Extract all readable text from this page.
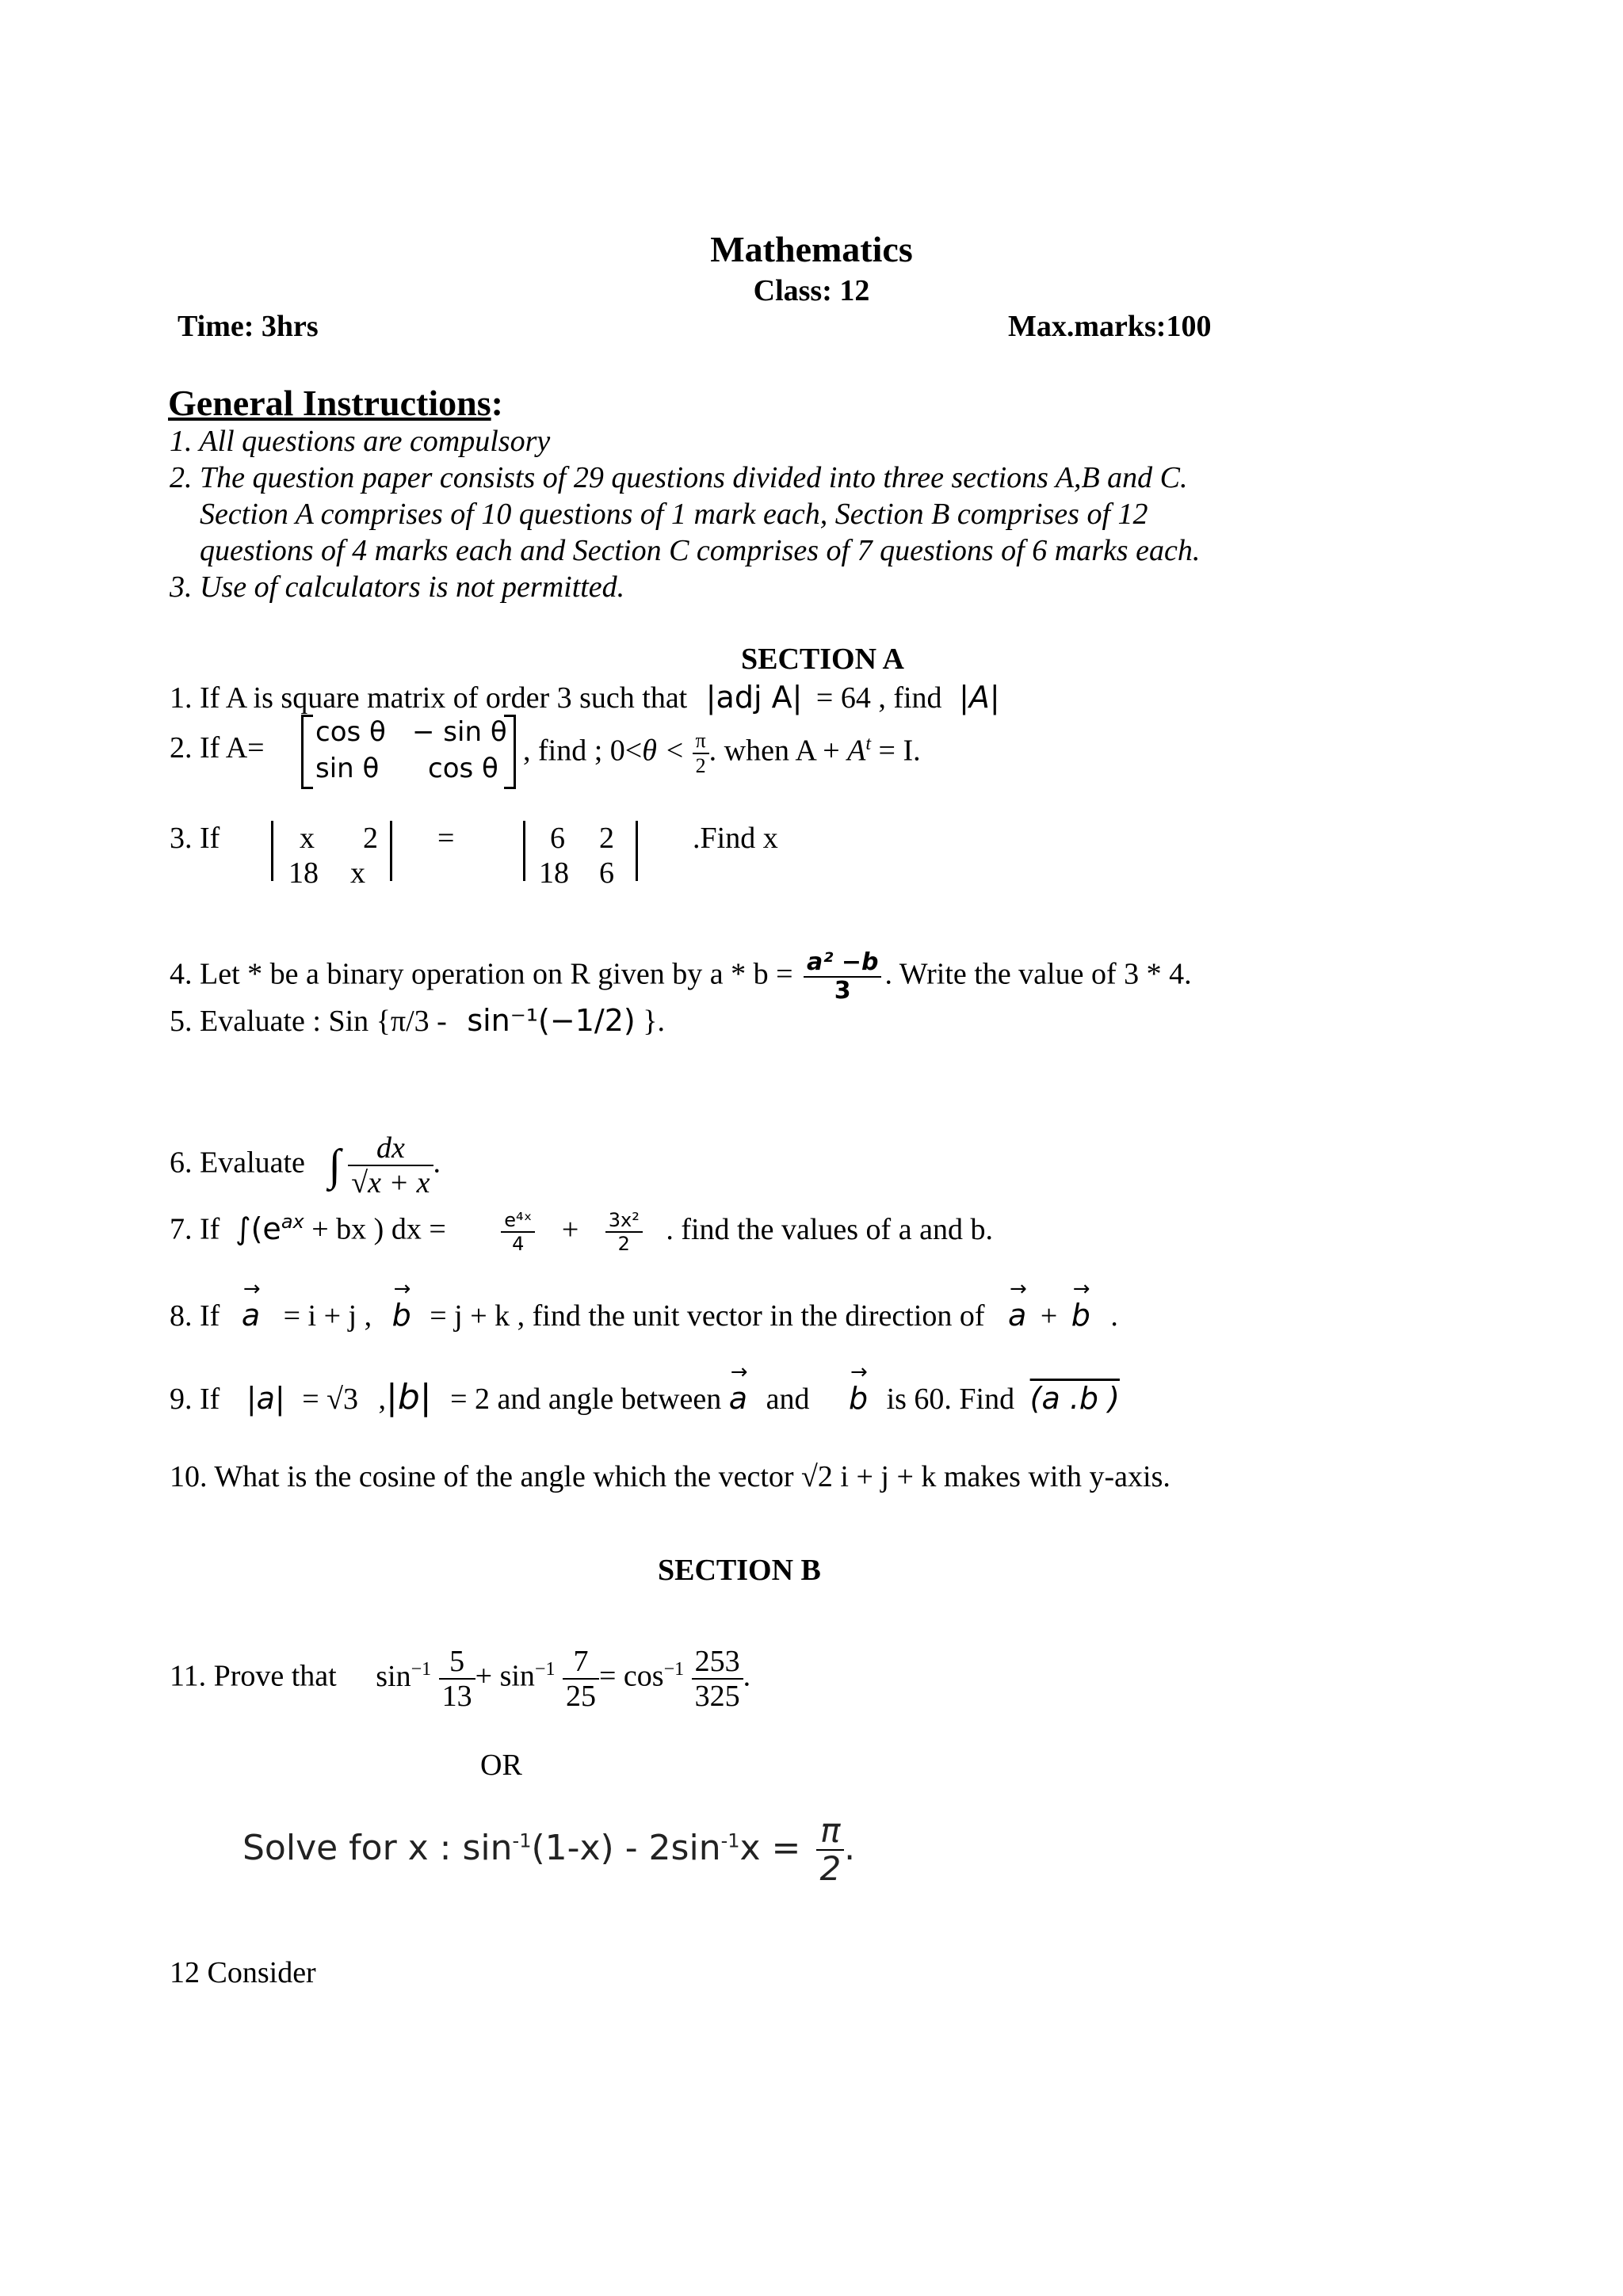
Mathematics
Class: 12
Time: 3hrs	Max.marks:100
General Instructions:
1. All questions are compulsory
2. The question paper consists of 29 questions divided into three sections A,B and C.
Section A comprises of 10 questions of 1 mark each, Section B comprises of 12
questions of 4 marks each and Section C comprises of 7 questions of 6 marks each.
3. Use of calculators is not permitted.
SECTION A
1. If A is square matrix of order 3 such that |adj A| = 64 , find |A|
2. If A= cos θ − sin θ
sin θ cos θ
, find ; $0<\theta < \frac{\pi}{2}$ . when $A + A^t = I$.
3. If	x 2
18 x
=	6 2
18 6
.Find x
4. Let * be a binary operation on R given by $a * b = \frac{\text{a² −b}}{3}$ . Write the value of 3 * 4.
5. Evaluate : Sin {π/3 - sin⁻¹(−1/2) }.
6. Evaluate ∫ $\frac{dx}{√x + x}$ .
7. If $\int(e^{ax}$ + bx ) dx =	$\frac{\text{e⁴ˣ}}{4} + \frac{\text{3x²}}{2}$ . find the values of a and b.
8. If → a = i + j , → b = j + k , find the unit vector in the direction of → a + → b .
9. If |a| = √3 ,|b| = 2 and angle between → a and → b is 60. Find (a .b )
10. What is the cosine of the angle which the vector √2 i + j + k makes with y-axis.
SECTION B
11. Prove that $\sin^{-1} \frac{5}{13} + \sin^{-1} \frac{7}{25} = \cos^{-1} \frac{253}{325}$ .
OR
Solve for x : $\sin^{-1}(1-x) - 2\sin^{-1}x = \frac{\pi}{2}$ .
12 Consider
